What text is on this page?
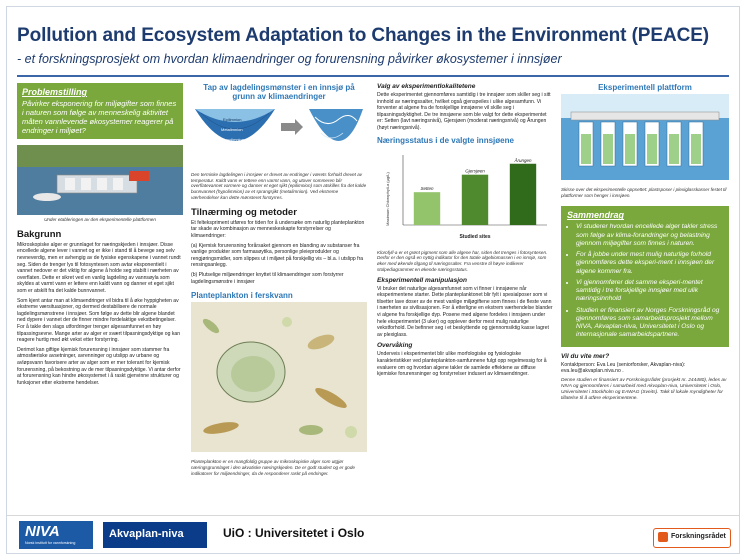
Pollution and Ecosystem Adaptation to Changes in the Environment (PEACE)
- et forskningsprosjekt om hvordan klimaendringer og forurensning påvirker økosystemer i innsjøer
Problemstilling

Påvirker eksponering for miljøgifter som finnes i naturen som følge av menneskelig aktivitet måten vannlevende økosystemer reagerer på endringer i miljøet?

Under etableringen av den eksperimentelle plattformen
Bakgrunn

Mikroskopiske alger er grunnlaget for næringskjeden i innsjøer. Disse encellede algene lever i vannet og er ikke i stand til å bevege seg selv nevneverdig, men er avhengig av de fysiske egenskapene i vannet rundt seg. Siden de trenger lys til fotosyntesen som avtar eksponentielt i vannet nedover er det viktig for algene å holde seg stabilt i nærheten av overflaten. Dette er sikret ved en vanlig lagdeling av vannsøyla som skyldes at varmt vann er lettere enn kaldt vann og danner et eget sjikt som er atskilt fra det kalde bunnvannet.

Som kjent antar man at klimaendringer vil bidra til å øke hyppigheten av ekstreme værsituasjoner, og dermed destabilisere de normale lagdelingsmønstrene i innsjøer. Som følge av dette blir algene blandet ned dypere i vannet der de finner mindre fordelaktige vekstbetingelser. For å takle den slags utfordringer trenger algesamfunnet en høy tilpassingsevne. Mange arter av alger er svært tilpasningsdyktige og kan reagere hurtig med økt vekst etter forstyrring.

Derimot kan giftige kjemisk forurensning i innsjøer som stammer fra atmosfæriske avsetninger, avrenninger og utslipp av urbane og avløpsvann favorisere arter av alger som er mer tolerant for kjemisk forurensning, på bekostning av de mer tilpasningsdyktige. Vi antar derfor at forurensning kan hindre økosystemet i å raskt gjenvinne strukturer og funksjoner etter ekstreme hendelser.

Tap av lagdelingsmønster i en innsjø på grunn av klimaendringer
Epilimnion
Metalimnion
Hypolimnion
Den termiske lagdelingen i innsjøer er drevet av endringer i værets forhold drevet av temperatur. Kaldt vann er tettere enn varmt vann, og utover sommeren blir overflatevannet varmere og danner et eget sjikt (epilimnion) som atskilles fra det kalde bunnvannet (hypolimnion) av et sprangsjikt (metalimnion). Ved ekstreme værhendelser kan dette mønsteret forstyrres.
Tilnærming og metoder

Et feltekspriment utføres for tiden for å undersøke om naturlig planteplankton tar skade av kombinasjon av menneskeskapte forstyrrelser og klimaendringer:

(a) Kjemisk forurensning forårsaket gjennom en blanding av substanser fra vanlige produkter som farmasøytika, personlige pleieprodukter og rengjøringsmidler, som slippes ut i miljøet på forskjellig vis – bl.a. i utslipp fra rensingsanlegg.

(b) Plutselige miljøendringer knyttet til klimaendringer som forstyrrer lagdelingsmønstre i innsjøer

Planteplankton i ferskvann
Planteplankton er en mangfoldig gruppe av mikroskopiske alger som utgjør næringsgrunnlaget i den akvatiske næringskjeden. De er godt studert og er gode indikatorer for miljøendringer, da de responderer raskt på endringer.
Valg av eksperimentlokalitetene

Dette eksperimentet gjennomføres samtidig i tre innsjøer som skiller seg i sitt innhold av næringssalter, hvilket også gjenspeiles i ulike algesamfunn. Vi forventer at algene fra de forskjellige innsjøene vil skille seg i tilpasningsdyktighet. De tre innsjøene som ble valgt for dette eksperimentet er: Setten (lavt næringsnivå), Gjersjøen (moderat næringsnivå) og Årungen (høyt næringsnivå).

Næringsstatus i de valgte innsjøene
Maximum Chlorophyll-a (µg/L)	Setten
Gjersjøen
Årungen
Studied sites
Klorofyll-a er et grønt pigment som alle algene har, siden det trenges i fotosyntesen. Derfor er den også en nyttig indikator for den totale algebiomassen i en innsjø, som øker med økende tilgang til næringssalter. Fra venstre til høyre indikerer stolpediagrammet en økende næringsstatus.
Eksperimentell manipulasjon

Vi bruker det naturlige algesamfunnet som vi finner i innsjøene når eksperimentene starter. Dette planteplanktonet blir fylt i spesialposer som vi tilsetter lave doser av de mest vanlige miljøgiftene som finnes i de fleste vann i nærheten av sivilisasjonen. For å etterligne en ekstrem værhendelse blander vi algene fra forskjellige dyp. Posene med algene fordeles i innsjøen under hele eksperimentet (3 uker) og opplever derfor mest mulig naturlige vekstforhold. De befinner seg i et beskyttende og gjennomsiktig kasse lagret av plexiglass.

Overvåking

Underveis i eksperimentet blir ulike morfologiske og fysiologiske karakteristikker ved planteplankton-samfunnene fulgt opp regelmessig for å evaluere om og hvordan algene takler de samlede effektene av diffuse kjemiske forurensninger og forstyrrelser indusert av klimaendringer.

Eksperimentell plattform
Skisse over det eksperimentelle oppsettet: plastsposer i plexiglasskasser festet til plattformer som henger i innsjøen.
Sammendrag
• Vi studerer hvordan encellede alger takler stress som følge av klima-forandringer og belastning gjennom miljøgifter som finnes i naturen.
• For å jobbe under mest mulig naturlige forhold gjennomføres dette eksperi-ment i innsjøen der algene kommer fra.
• Vi gjennomfører det samme eksperi-mentet samtidig i tre forskjellige innsjøer med ulik næringsinnhold
• Studien er finansiert av Norges Forskningsråd og gjennomføres som samarbeidsprosjekt mellom NIVA, Akvaplan-niva, Universitetet i Oslo og internasjonale samarbeidspartnere.
Vil du vite mer?

Kontaktperson: Eva Leu (seniorforsker, Akvaplan-niva): eva.leu@akvaplan.niva.no .

Denne studien er finansiert av Forskningsrådet (prosjekt nr. 244480), ledes av NIVA og gjennomføres i samarbeid med Akvaplan-niva, Universitetet i Oslo, Universitetet i Stockholm og EAWAG (Sveits). Takk til lokale myndigheter for tillatelse til å utføre eksperimentene.

NIVA
Norsk institutt for vannforskning
Akvaplan-niva	UiO : Universitetet i Oslo	Forskningsrådet
